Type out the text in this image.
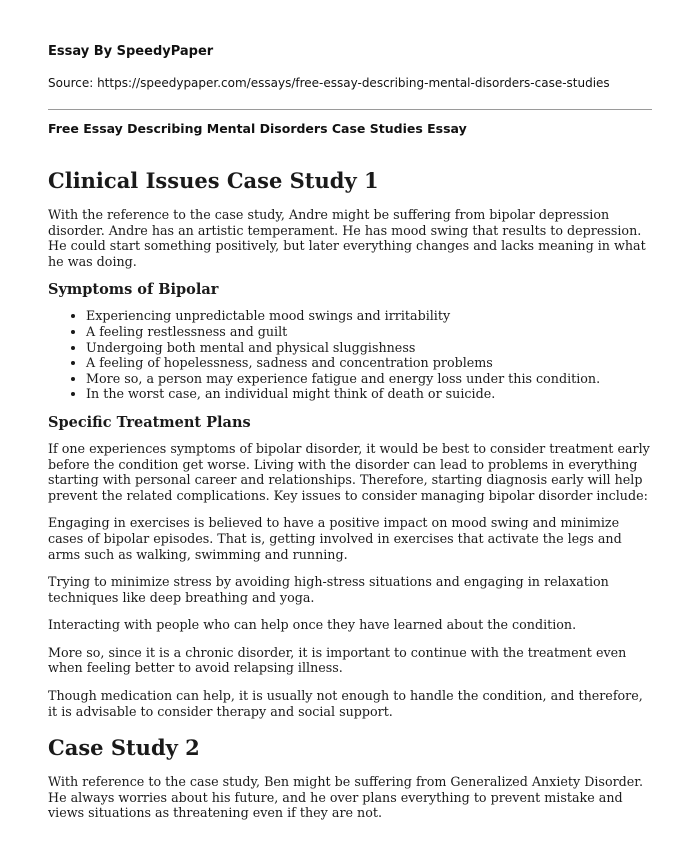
Essay By SpeedyPaper
Source: https://speedypaper.com/essays/free-essay-describing-mental-disorders-case-studies
Free Essay Describing Mental Disorders Case Studies Essay
Clinical Issues Case Study 1

With the reference to the case study, Andre might be suffering from bipolar depression disorder. Andre has an artistic temperament. He has mood swing that results to depression. He could start something positively, but later everything changes and lacks meaning in what he was doing.

Symptoms of Bipolar
• Experiencing unpredictable mood swings and irritability
• A feeling restlessness and guilt
• Undergoing both mental and physical sluggishness
• A feeling of hopelessness, sadness and concentration problems
• More so, a person may experience fatigue and energy loss under this condition.
• In the worst case, an individual might think of death or suicide.
Specific Treatment Plans

If one experiences symptoms of bipolar disorder, it would be best to consider treatment early before the condition get worse. Living with the disorder can lead to problems in everything starting with personal career and relationships. Therefore, starting diagnosis early will help prevent the related complications. Key issues to consider managing bipolar disorder include:

Engaging in exercises is believed to have a positive impact on mood swing and minimize cases of bipolar episodes. That is, getting involved in exercises that activate the legs and arms such as walking, swimming and running.

Trying to minimize stress by avoiding high-stress situations and engaging in relaxation techniques like deep breathing and yoga.

Interacting with people who can help once they have learned about the condition.

More so, since it is a chronic disorder, it is important to continue with the treatment even when feeling better to avoid relapsing illness.

Though medication can help, it is usually not enough to handle the condition, and therefore, it is advisable to consider therapy and social support.

Case Study 2

With reference to the case study, Ben might be suffering from Generalized Anxiety Disorder. He always worries about his future, and he over plans everything to prevent mistake and views situations as threatening even if they are not.
